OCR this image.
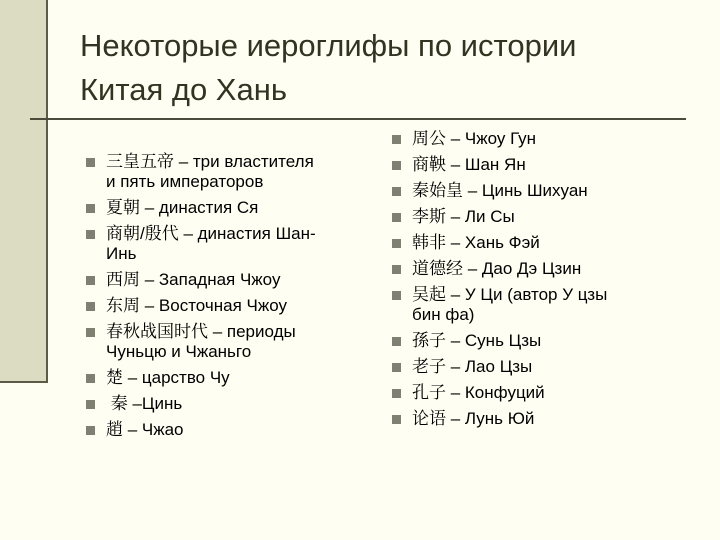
Некоторые иероглифы по истории
Китая до Хань
三皇五帝 – три властителя
и пять императоров
夏朝 – династия Ся
商朝/殷代 – династия Шан-
Инь
西周 – Западная Чжоу
东周 – Восточная Чжоу
春秋战国时代 – периоды
Чуньцю и Чжаньго
楚 – царство Чу
秦 –Цинь
趙 – Чжао
周公 – Чжоу Гун
商鞅 – Шан Ян
秦始皇 – Цинь Шихуан
李斯 – Ли Сы
韩非 – Хань Фэй
道德经 – Дао Дэ Цзин
吴起 – У Ци (автор У цзы
бин фа)
孫子 – Сунь Цзы
老子 – Лао Цзы
孔子 – Конфуций
论语 – Лунь Юй
